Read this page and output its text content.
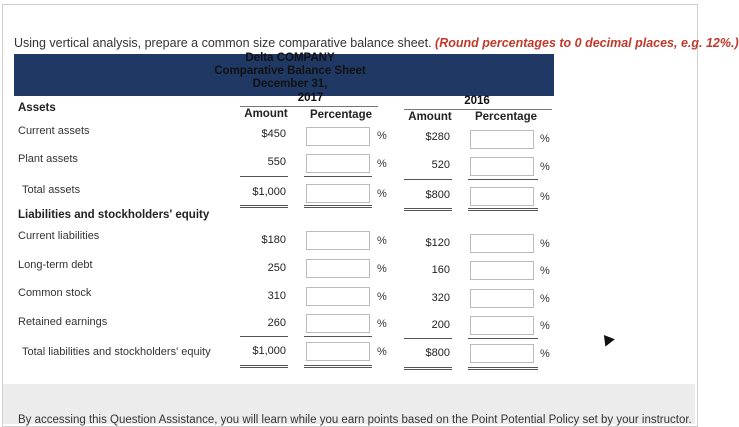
Using vertical analysis, prepare a common size comparative balance sheet. (Round percentages to 0 decimal places, e.g. 12%.)
Delta COMPANY
Comparative Balance Sheet
December 31,
2017	2016
Assets	Amount	Percentage	Amount	Percentage
Current assets	$450	%	$280	%
Plant assets	550	%	520	%
Total assets	$1,000	%	$800	%
Liabilities and stockholders' equity
Current liabilities	$180	%	$120	%
Long-term debt	250	%	160	%
Common stock	310	%	320	%
Retained earnings	260	%	200	%
Total liabilities and stockholders' equity	$1,000	%	$800	%
By accessing this Question Assistance, you will learn while you earn points based on the Point Potential Policy set by your instructor.
